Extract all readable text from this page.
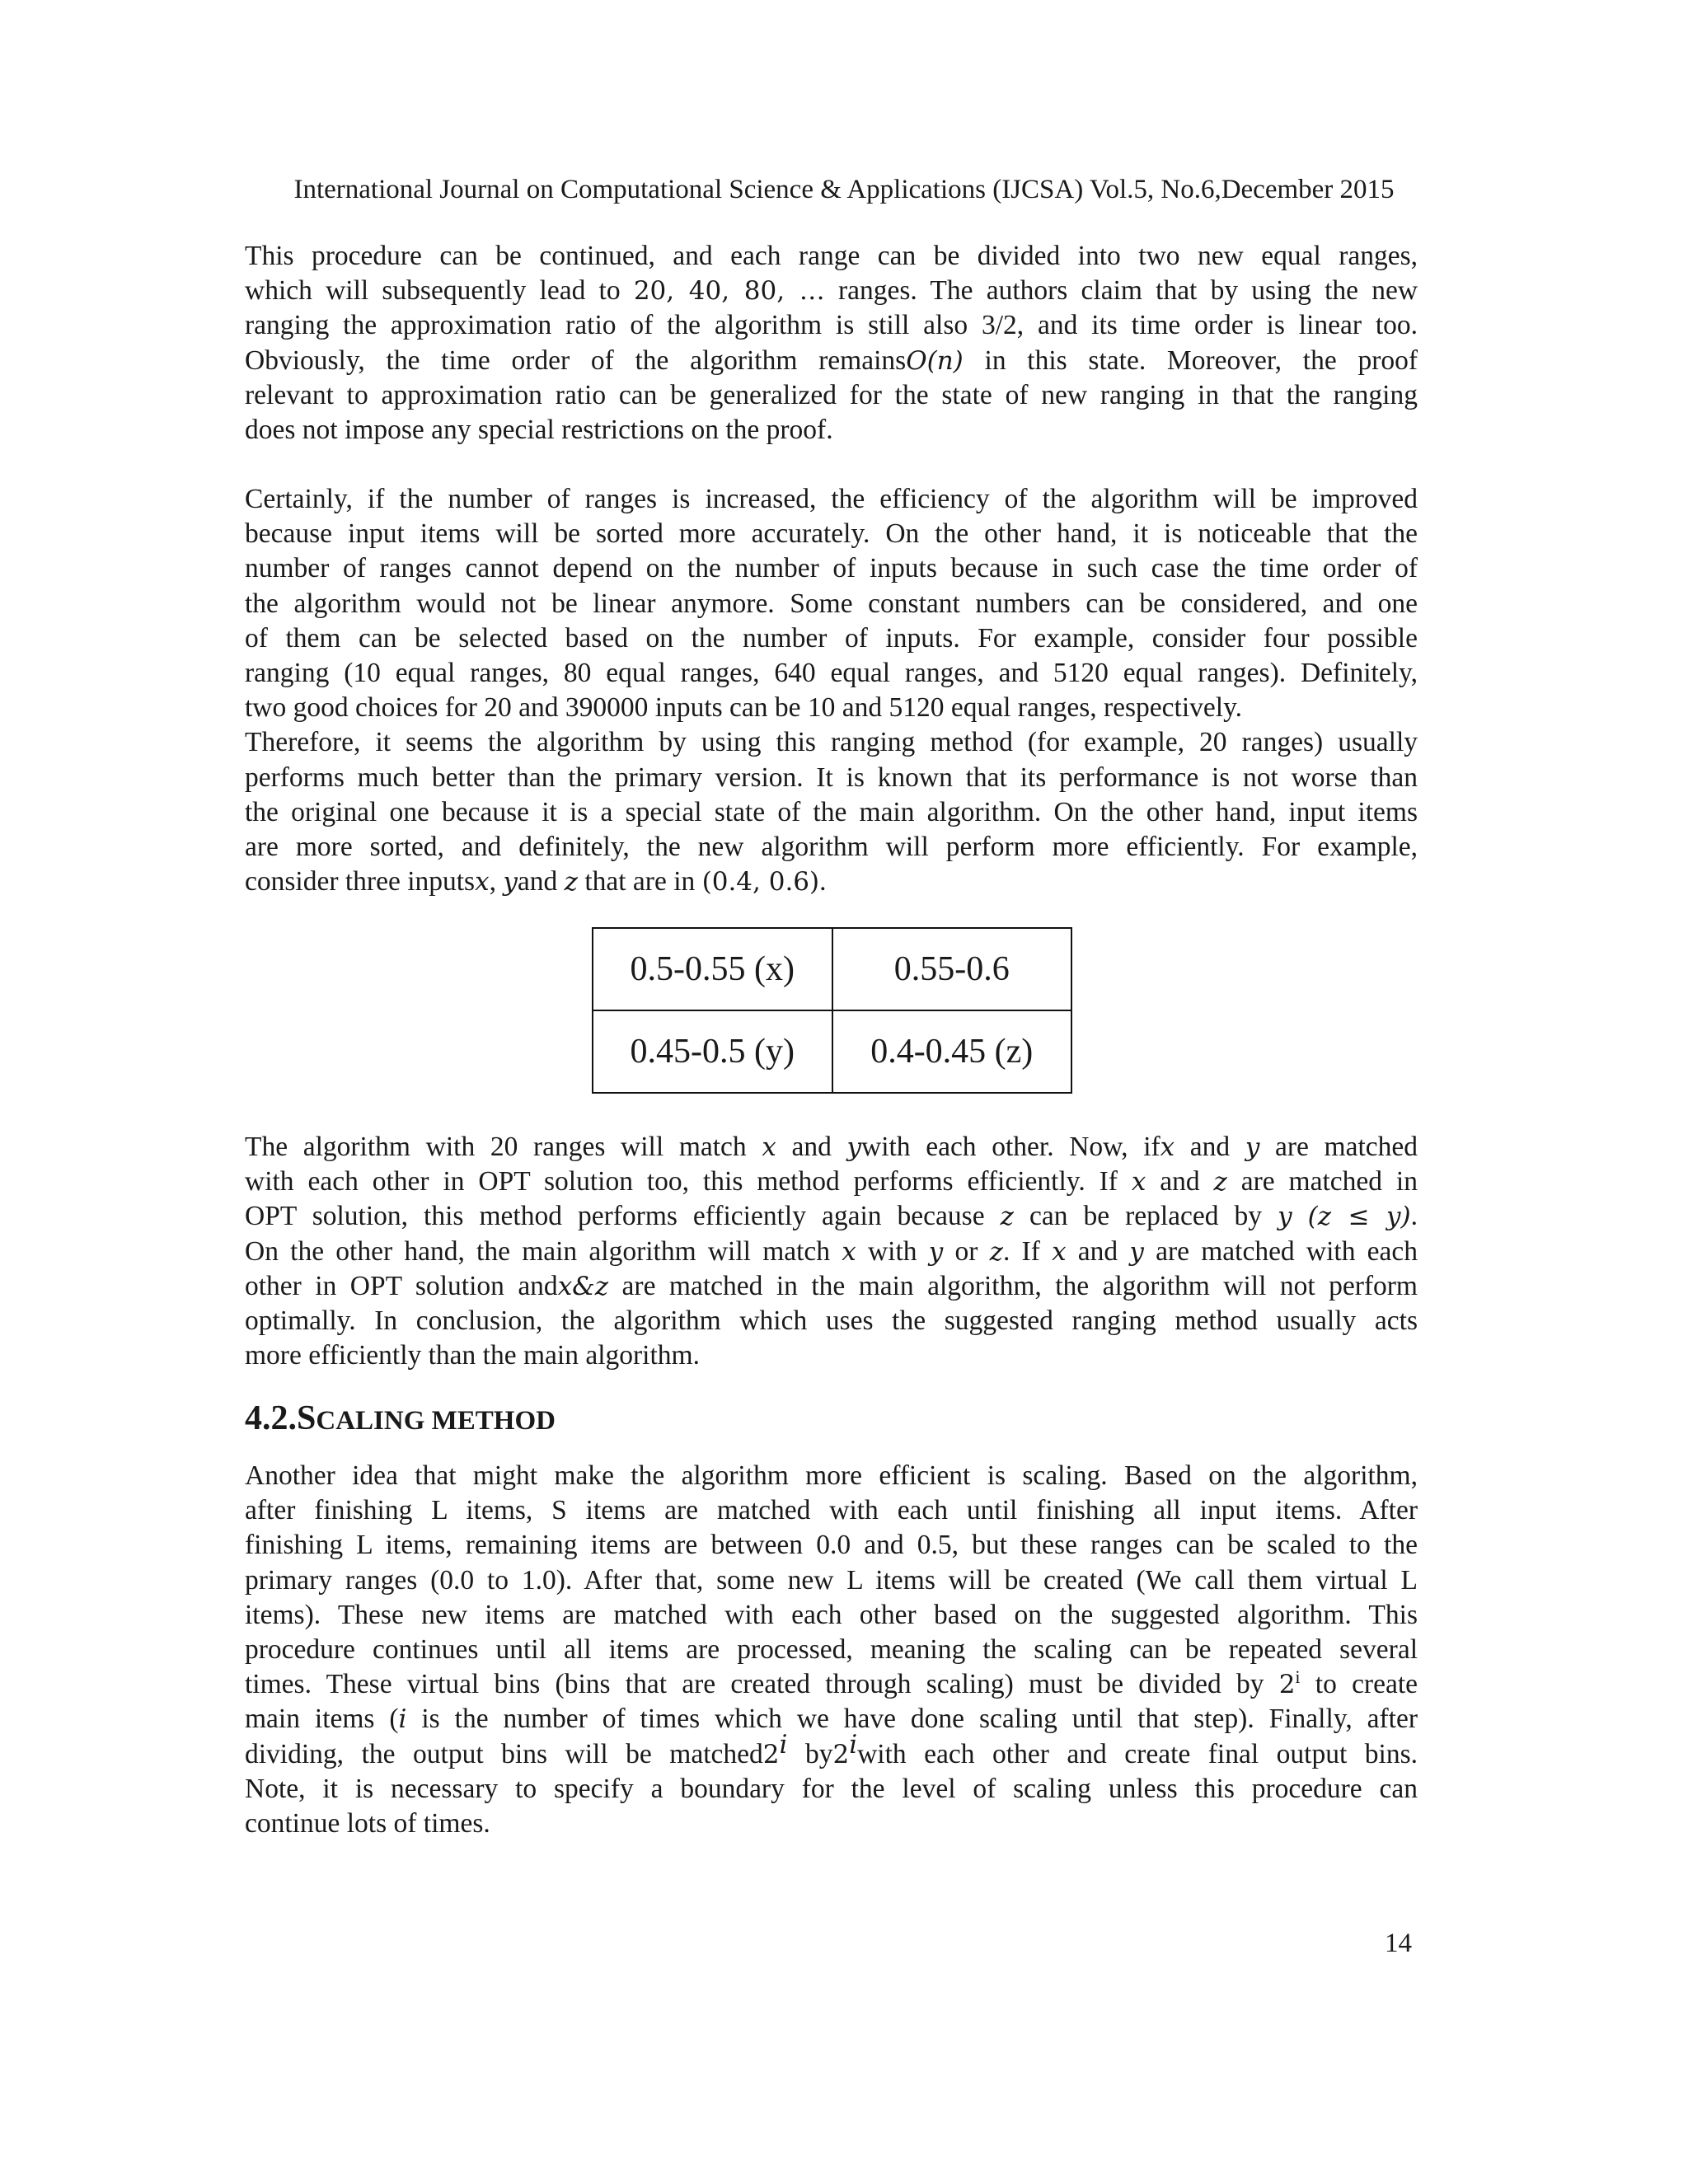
International Journal on Computational Science & Applications (IJCSA) Vol.5, No.6,December 2015
This procedure can be continued, and each range can be divided into two new equal ranges,
which will subsequently lead to 20, 40, 80, … ranges. The authors claim that by using the new
ranging the approximation ratio of the algorithm is still also 3/2, and its time order is linear too.
Obviously, the time order of the algorithm remainsO(n) in this state. Moreover, the proof
relevant to approximation ratio can be generalized for the state of new ranging in that the ranging
does not impose any special restrictions on the proof.
Certainly, if the number of ranges is increased, the efficiency of the algorithm will be improved
because input items will be sorted more accurately. On the other hand, it is noticeable that the
number of ranges cannot depend on the number of inputs because in such case the time order of
the algorithm would not be linear anymore. Some constant numbers can be considered, and one
of them can be selected based on the number of inputs. For example, consider four possible
ranging (10 equal ranges, 80 equal ranges, 640 equal ranges, and 5120 equal ranges). Definitely,
two good choices for 20 and 390000 inputs can be 10 and 5120 equal ranges, respectively.
Therefore, it seems the algorithm by using this ranging method (for example, 20 ranges) usually
performs much better than the primary version. It is known that its performance is not worse than
the original one because it is a special state of the main algorithm. On the other hand, input items
are more sorted, and definitely, the new algorithm will perform more efficiently. For example,
consider three inputsx, yand z that are in (0.4, 0.6).
0.5-0.55 (x)	0.55-0.6
0.45-0.5 (y)	0.4-0.45 (z)
The algorithm with 20 ranges will match x and ywith each other. Now, ifx and y are matched
with each other in OPT solution too, this method performs efficiently. If x and z are matched in
OPT solution, this method performs efficiently again because z can be replaced by y (z ≤ y).
On the other hand, the main algorithm will match x with y or z. If x and y are matched with each
other in OPT solution andx&z are matched in the main algorithm, the algorithm will not perform
optimally. In conclusion, the algorithm which uses the suggested ranging method usually acts
more efficiently than the main algorithm.
4.2.SCALING METHOD
Another idea that might make the algorithm more efficient is scaling. Based on the algorithm,
after finishing L items, S items are matched with each until finishing all input items. After
finishing L items, remaining items are between 0.0 and 0.5, but these ranges can be scaled to the
primary ranges (0.0 to 1.0). After that, some new L items will be created (We call them virtual L
items). These new items are matched with each other based on the suggested algorithm. This
procedure continues until all items are processed, meaning the scaling can be repeated several
times. These virtual bins (bins that are created through scaling) must be divided by 2$^i$ to create
main items (i is the number of times which we have done scaling until that step). Finally, after
dividing, the output bins will be matched2$^i$ by2$^i$with each other and create final output bins.
Note, it is necessary to specify a boundary for the level of scaling unless this procedure can
continue lots of times.
14
